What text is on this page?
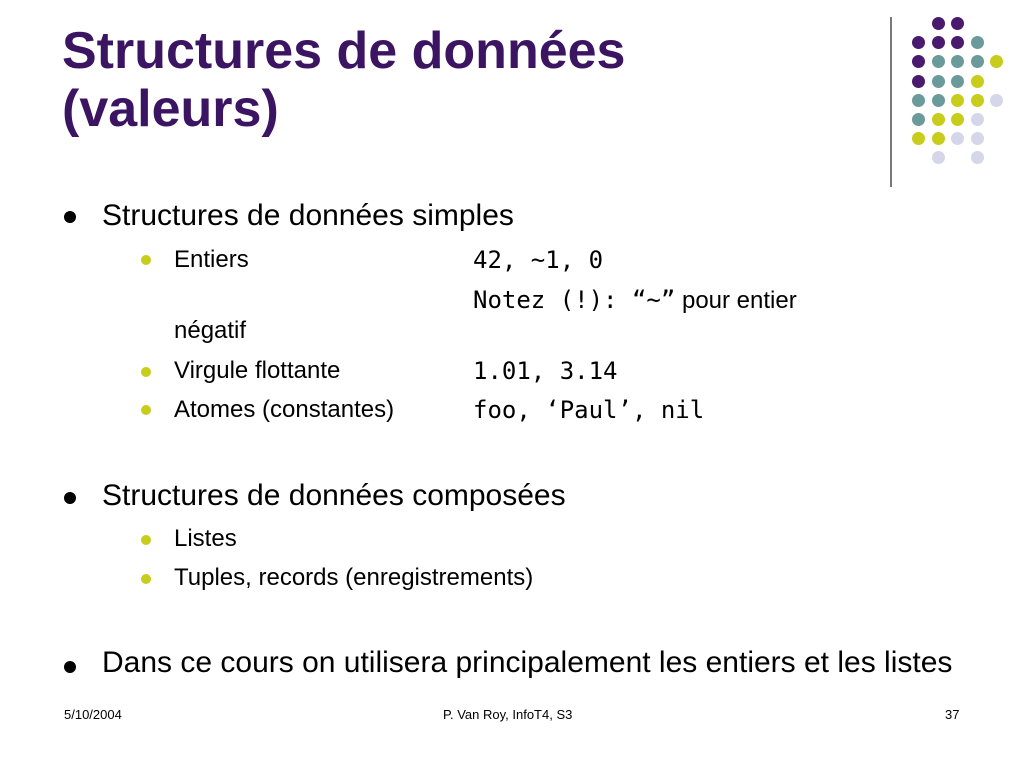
Structures de données
(valeurs)
Structures de données simples
Entiers	42, ~1, 0
Notez (!): “~” pour entier
négatif
Virgule flottante	1.01, 3.14
Atomes (constantes)	foo, ‘Paul’, nil
Structures de données composées
Listes
Tuples, records (enregistrements)
Dans ce cours on utilisera principalement les entiers et les listes
5/10/2004	P. Van Roy, InfoT4, S3	37
